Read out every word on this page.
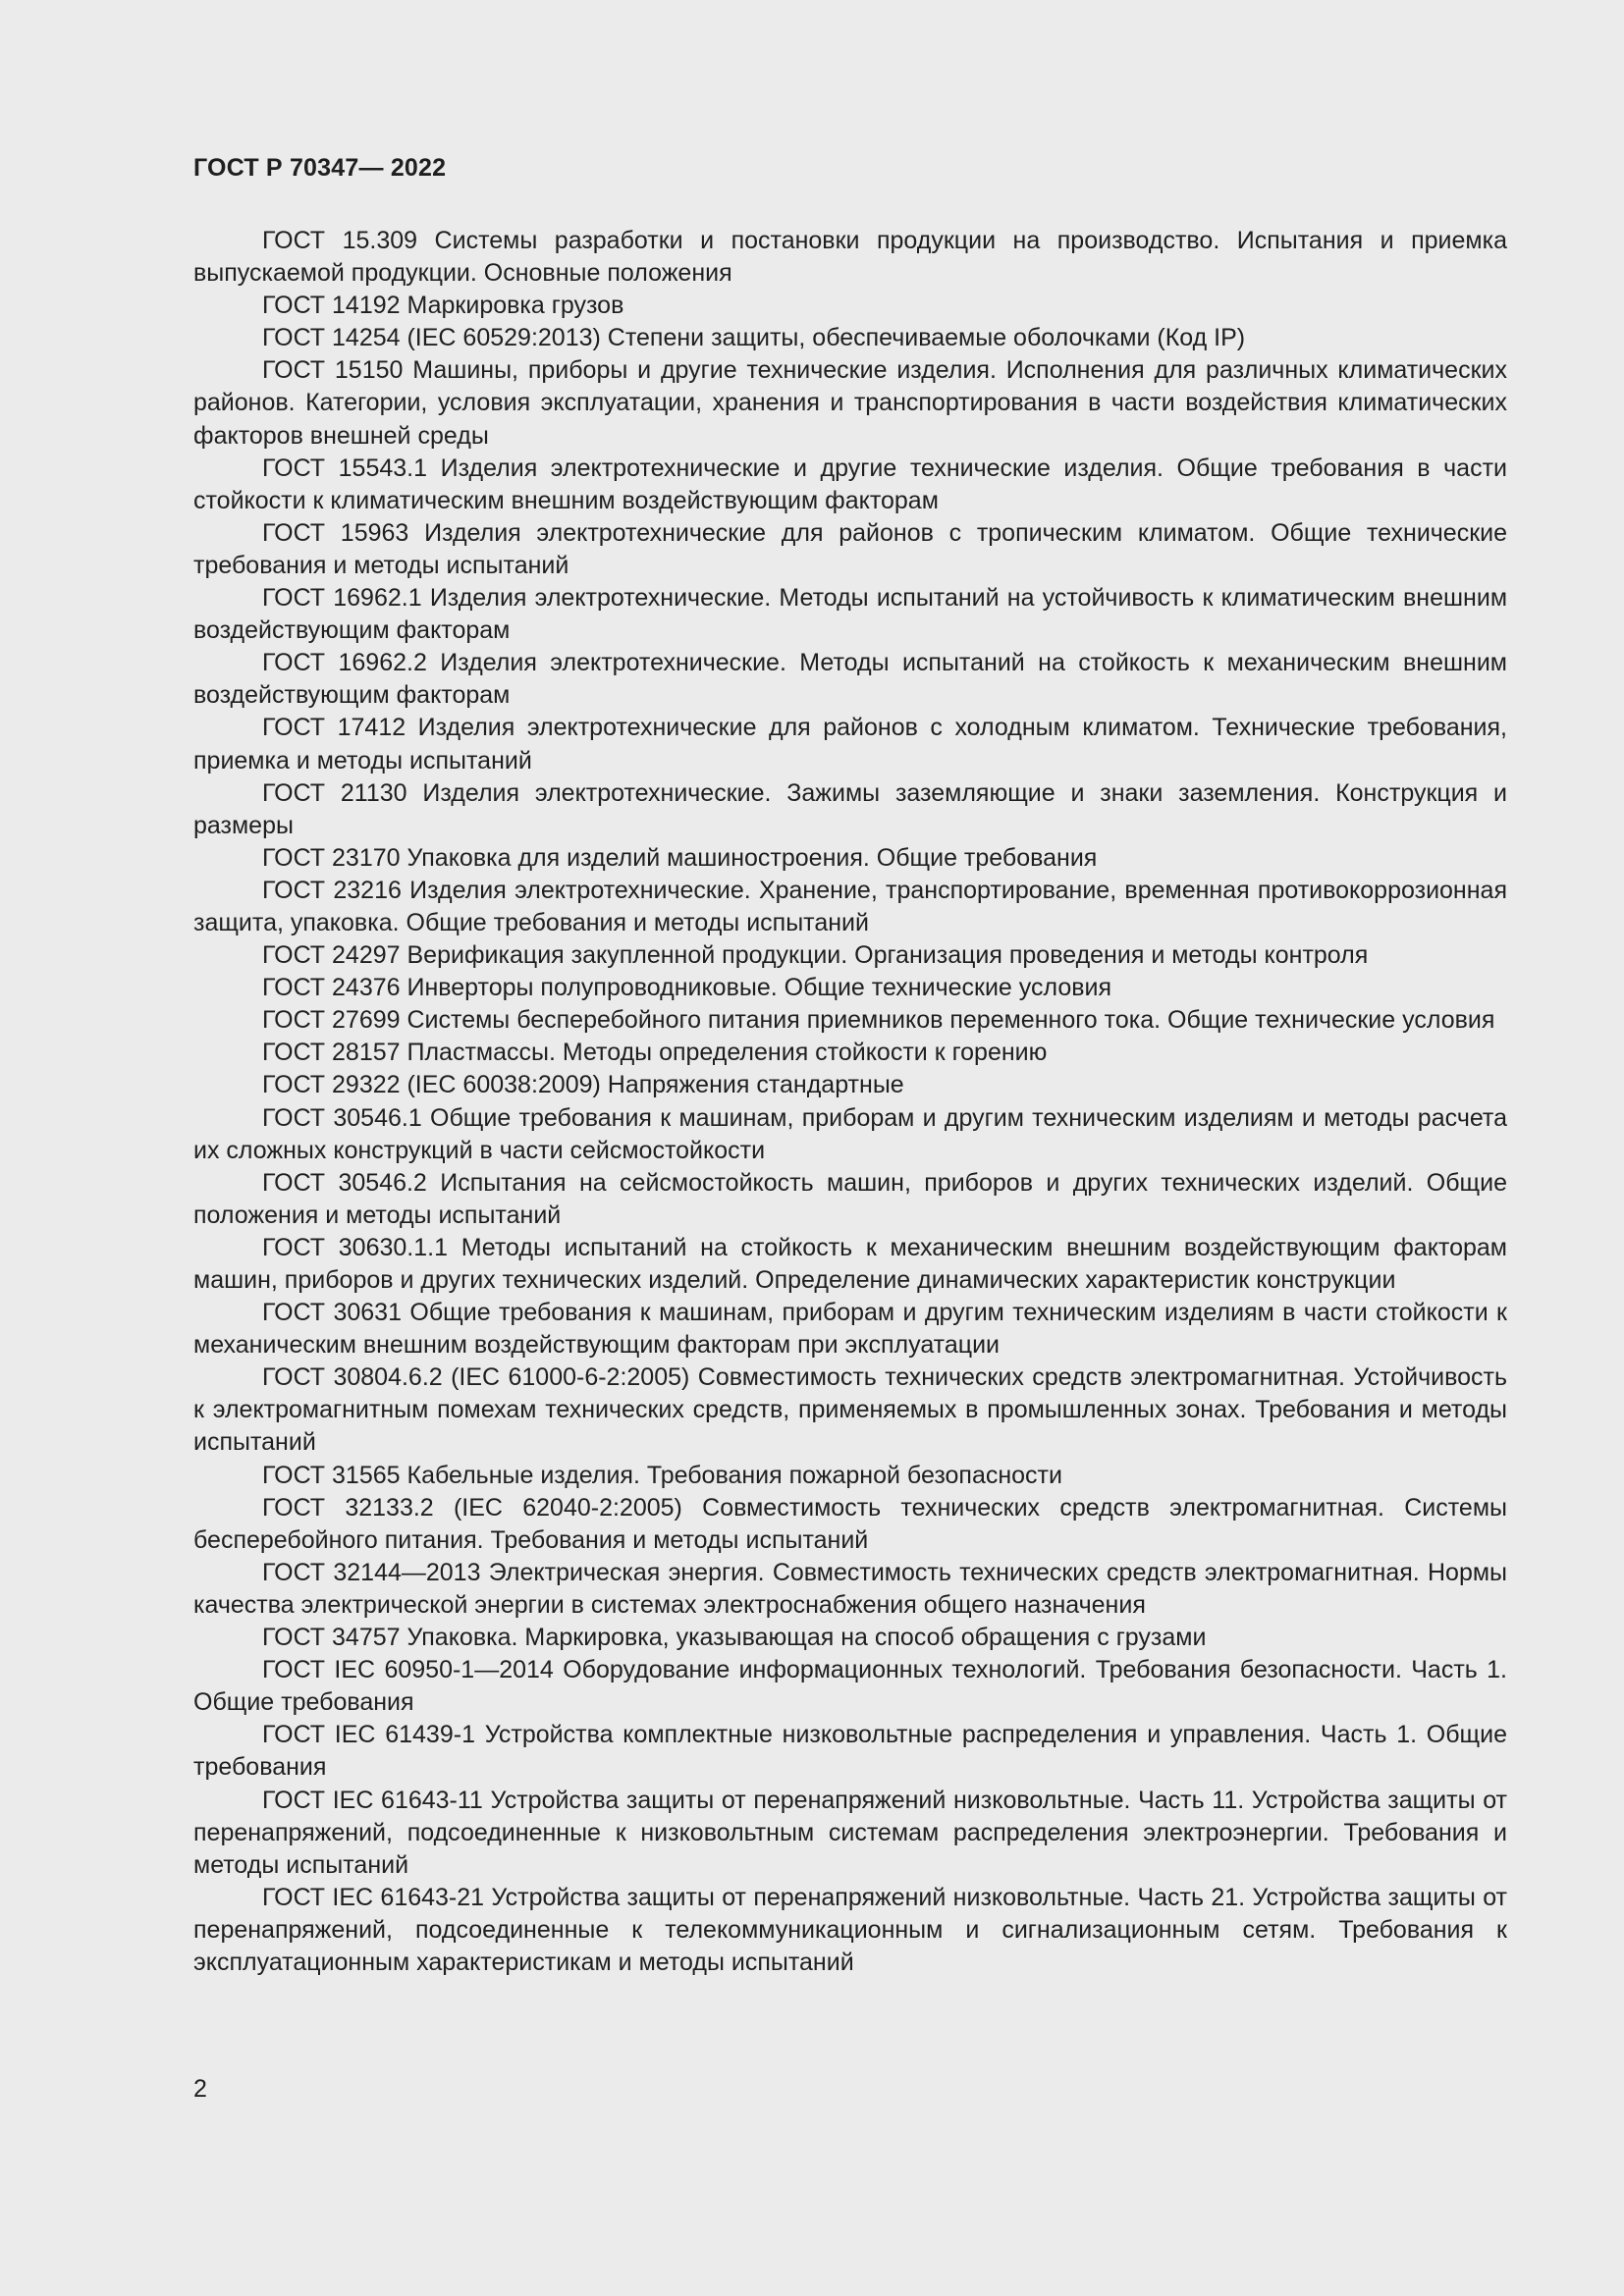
ГОСТ Р 70347— 2022

ГОСТ 15.309 Системы разработки и постановки продукции на производство. Испытания и приемка выпускаемой продукции. Основные положения

ГОСТ 14192 Маркировка грузов

ГОСТ 14254 (IEC 60529:2013) Степени защиты, обеспечиваемые оболочками (Код IP)

ГОСТ 15150 Машины, приборы и другие технические изделия. Исполнения для различных климатических районов. Категории, условия эксплуатации, хранения и транспортирования в части воздействия климатических факторов внешней среды

ГОСТ 15543.1 Изделия электротехнические и другие технические изделия. Общие требования в части стойкости к климатическим внешним воздействующим факторам

ГОСТ 15963 Изделия электротехнические для районов с тропическим климатом. Общие технические требования и методы испытаний

ГОСТ 16962.1 Изделия электротехнические. Методы испытаний на устойчивость к климатическим внешним воздействующим факторам

ГОСТ 16962.2 Изделия электротехнические. Методы испытаний на стойкость к механическим внешним воздействующим факторам

ГОСТ 17412 Изделия электротехнические для районов с холодным климатом. Технические требования, приемка и методы испытаний

ГОСТ 21130 Изделия электротехнические. Зажимы заземляющие и знаки заземления. Конструкция и размеры

ГОСТ 23170 Упаковка для изделий машиностроения. Общие требования

ГОСТ 23216 Изделия электротехнические. Хранение, транспортирование, временная противокоррозионная защита, упаковка. Общие требования и методы испытаний

ГОСТ 24297 Верификация закупленной продукции. Организация проведения и методы контроля

ГОСТ 24376 Инверторы полупроводниковые. Общие технические условия

ГОСТ 27699 Системы бесперебойного питания приемников переменного тока. Общие технические условия

ГОСТ 28157 Пластмассы. Методы определения стойкости к горению

ГОСТ 29322 (IEC 60038:2009) Напряжения стандартные

ГОСТ 30546.1 Общие требования к машинам, приборам и другим техническим изделиям и методы расчета их сложных конструкций в части сейсмостойкости

ГОСТ 30546.2 Испытания на сейсмостойкость машин, приборов и других технических изделий. Общие положения и методы испытаний

ГОСТ 30630.1.1 Методы испытаний на стойкость к механическим внешним воздействующим факторам машин, приборов и других технических изделий. Определение динамических характеристик конструкции

ГОСТ 30631 Общие требования к машинам, приборам и другим техническим изделиям в части стойкости к механическим внешним воздействующим факторам при эксплуатации

ГОСТ 30804.6.2 (IEC 61000-6-2:2005) Совместимость технических средств электромагнитная. Устойчивость к электромагнитным помехам технических средств, применяемых в промышленных зонах. Требования и методы испытаний

ГОСТ 31565 Кабельные изделия. Требования пожарной безопасности

ГОСТ 32133.2 (IEC 62040-2:2005) Совместимость технических средств электромагнитная. Системы бесперебойного питания. Требования и методы испытаний

ГОСТ 32144—2013 Электрическая энергия. Совместимость технических средств электромагнитная. Нормы качества электрической энергии в системах электроснабжения общего назначения

ГОСТ 34757 Упаковка. Маркировка, указывающая на способ обращения с грузами

ГОСТ IEC 60950-1—2014 Оборудование информационных технологий. Требования безопасности. Часть 1. Общие требования

ГОСТ IEC 61439-1 Устройства комплектные низковольтные распределения и управления. Часть 1. Общие требования

ГОСТ IEC 61643-11 Устройства защиты от перенапряжений низковольтные. Часть 11. Устройства защиты от перенапряжений, подсоединенные к низковольтным системам распределения электроэнергии. Требования и методы испытаний

ГОСТ IEC 61643-21 Устройства защиты от перенапряжений низковольтные. Часть 21. Устройства защиты от перенапряжений, подсоединенные к телекоммуникационным и сигнализационным сетям. Требования к эксплуатационным характеристикам и методы испытаний

2
